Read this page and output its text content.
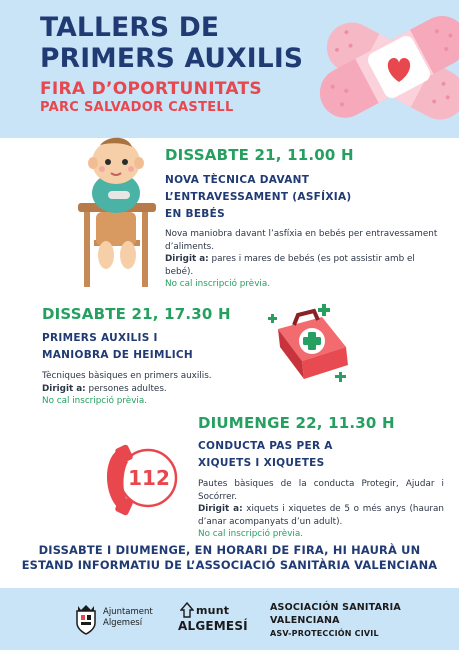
TALLERS DE
PRIMERS AUXILIS
FIRA D’OPORTUNITATS
PARC SALVADOR CASTELL
DISSABTE 21, 11.00 H
NOVA TÈCNICA DAVANT
L’ENTRAVESSAMENT (ASFÍXIA)
EN BEBÉS
Nova maniobra davant l’asfíxia en bebés per entravessament d’aliments.
Dirigit a: pares i mares de bebés (es pot assistir amb el bebé).
No cal inscripció prèvia.
DISSABTE 21, 17.30 H
PRIMERS AUXILIS I
MANIOBRA DE HEIMLICH
Tècniques bàsiques en primers auxilis.
Dirigit a: persones adultes.
No cal inscripció prèvia.
112
DIUMENGE 22, 11.30 H
CONDUCTA PAS PER A
XIQUETS I XIQUETES
Pautes bàsiques de la conducta Protegir, Ajudar i Socórrer.
Dirigit a: xiquets i xiquetes de 5 o més anys (hauran d’anar acompanyats d’un adult).
No cal inscripció prèvia.
DISSABTE I DIUMENGE, EN HORARI DE FIRA, HI HAURÀ UN
ESTAND INFORMATIU DE L’ASSOCIACIÓ SANITÀRIA VALENCIANA
Ajuntament
Algemesí
munt
ALGEMESÍ
ASOCIACIÓN SANITARIA
VALENCIANA
ASV-PROTECCIÓN CIVIL
